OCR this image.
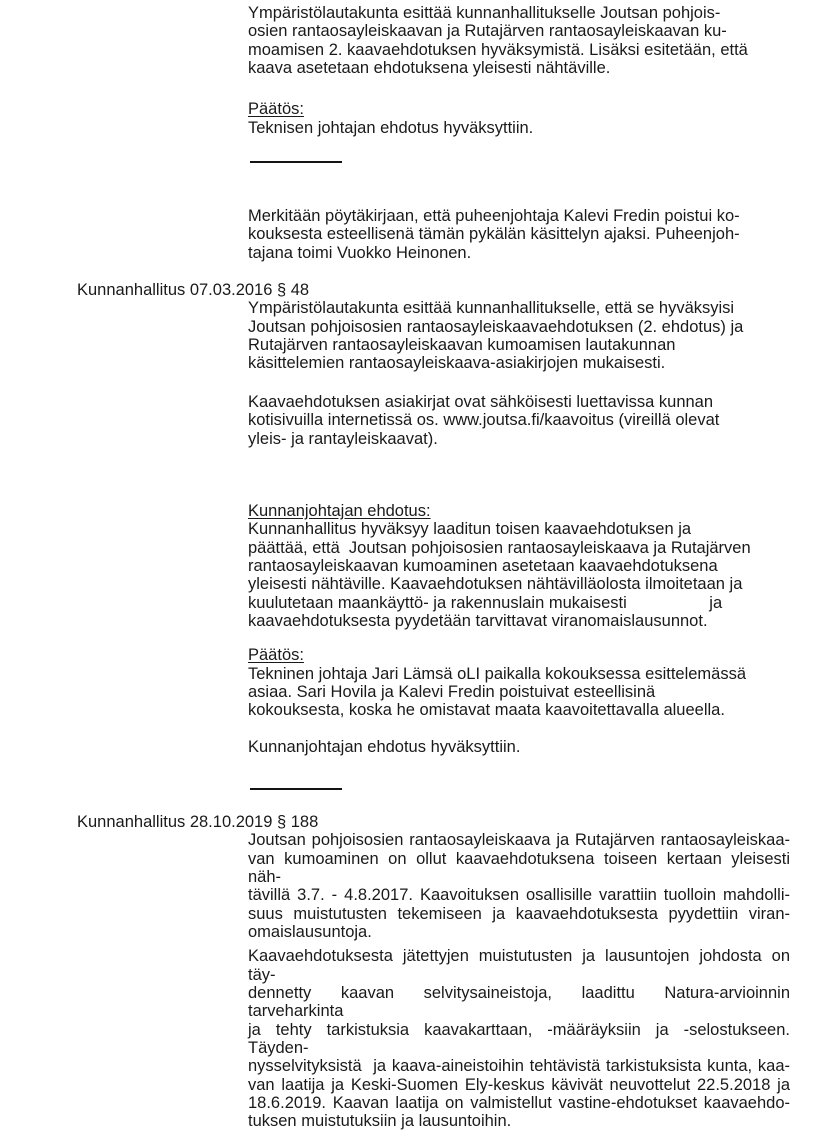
Ympäristölautakunta esittää kunnanhallitukselle Joutsan pohjois-
osien rantaosayleiskaavan ja Rutajärven rantaosayleiskaavan ku-
moamisen 2. kaavaehdotuksen hyväksymistä. Lisäksi esitetään, että
kaava asetetaan ehdotuksena yleisesti nähtäville.
Päätös:
Teknisen johtajan ehdotus hyväksyttiin.
Merkitään pöytäkirjaan, että puheenjohtaja Kalevi Fredin poistui ko-
kouksesta esteellisenä tämän pykälän käsittelyn ajaksi. Puheenjoh-
tajana toimi Vuokko Heinonen.
Kunnanhallitus 07.03.2016 § 48
Ympäristölautakunta esittää kunnanhallitukselle, että se hyväksyisi
Joutsan pohjoisosien rantaosayleiskaavaehdotuksen (2. ehdotus) ja
Rutajärven rantaosayleiskaavan kumoamisen lautakunnan
käsittelemien rantaosayleiskaava-asiakirjojen mukaisesti.
Kaavaehdotuksen asiakirjat ovat sähköisesti luettavissa kunnan
kotisivuilla internetissä os. www.joutsa.fi/kaavoitus (vireillä olevat
yleis- ja rantayleiskaavat).
Kunnanjohtajan ehdotus:
Kunnanhallitus hyväksyy laaditun toisen kaavaehdotuksen ja
päättää, että  Joutsan pohjoisosien rantaosayleiskaava ja Rutajärven
rantaosayleiskaavan kumoaminen asetetaan kaavaehdotuksena
yleisesti nähtäville. Kaavaehdotuksen nähtävilläolosta ilmoitetaan ja
kuulutetaan maankäyttö- ja rakennuslain mukaisesti                  ja
kaavaehdotuksesta pyydetään tarvittavat viranomaislausunnot.
Päätös:
Tekninen johtaja Jari Lämsä oLI paikalla kokouksessa esittelemässä
asiaa. Sari Hovila ja Kalevi Fredin poistuivat esteellisinä
kokouksesta, koska he omistavat maata kaavoitettavalla alueella.
Kunnanjohtajan ehdotus hyväksyttiin.
Kunnanhallitus 28.10.2019 § 188
Joutsan pohjoisosien rantaosayleiskaava ja Rutajärven rantaosayleiskaa-
van kumoaminen on ollut kaavaehdotuksena toiseen kertaan yleisesti näh-
tävillä 3.7. - 4.8.2017. Kaavoituksen osallisille varattiin tuolloin mahdolli-
suus muistutusten tekemiseen ja kaavaehdotuksesta pyydettiin viran-
omaislausuntoja.
Kaavaehdotuksesta jätettyjen muistutusten ja lausuntojen johdosta on täy-
dennetty kaavan selvitysaineistoja, laadittu Natura-arvioinnin tarveharkinta
ja tehty tarkistuksia kaavakarttaan, -määräyksiin ja -selostukseen. Täyden-
nysselvityksistä  ja kaava-aineistoihin tehtävistä tarkistuksista kunta, kaa-
van laatija ja Keski-Suomen Ely-keskus kävivät neuvottelut 22.5.2018 ja
18.6.2019. Kaavan laatija on valmistellut vastine-ehdotukset kaavaehdo-
tuksen muistutuksiin ja lausuntoihin.
